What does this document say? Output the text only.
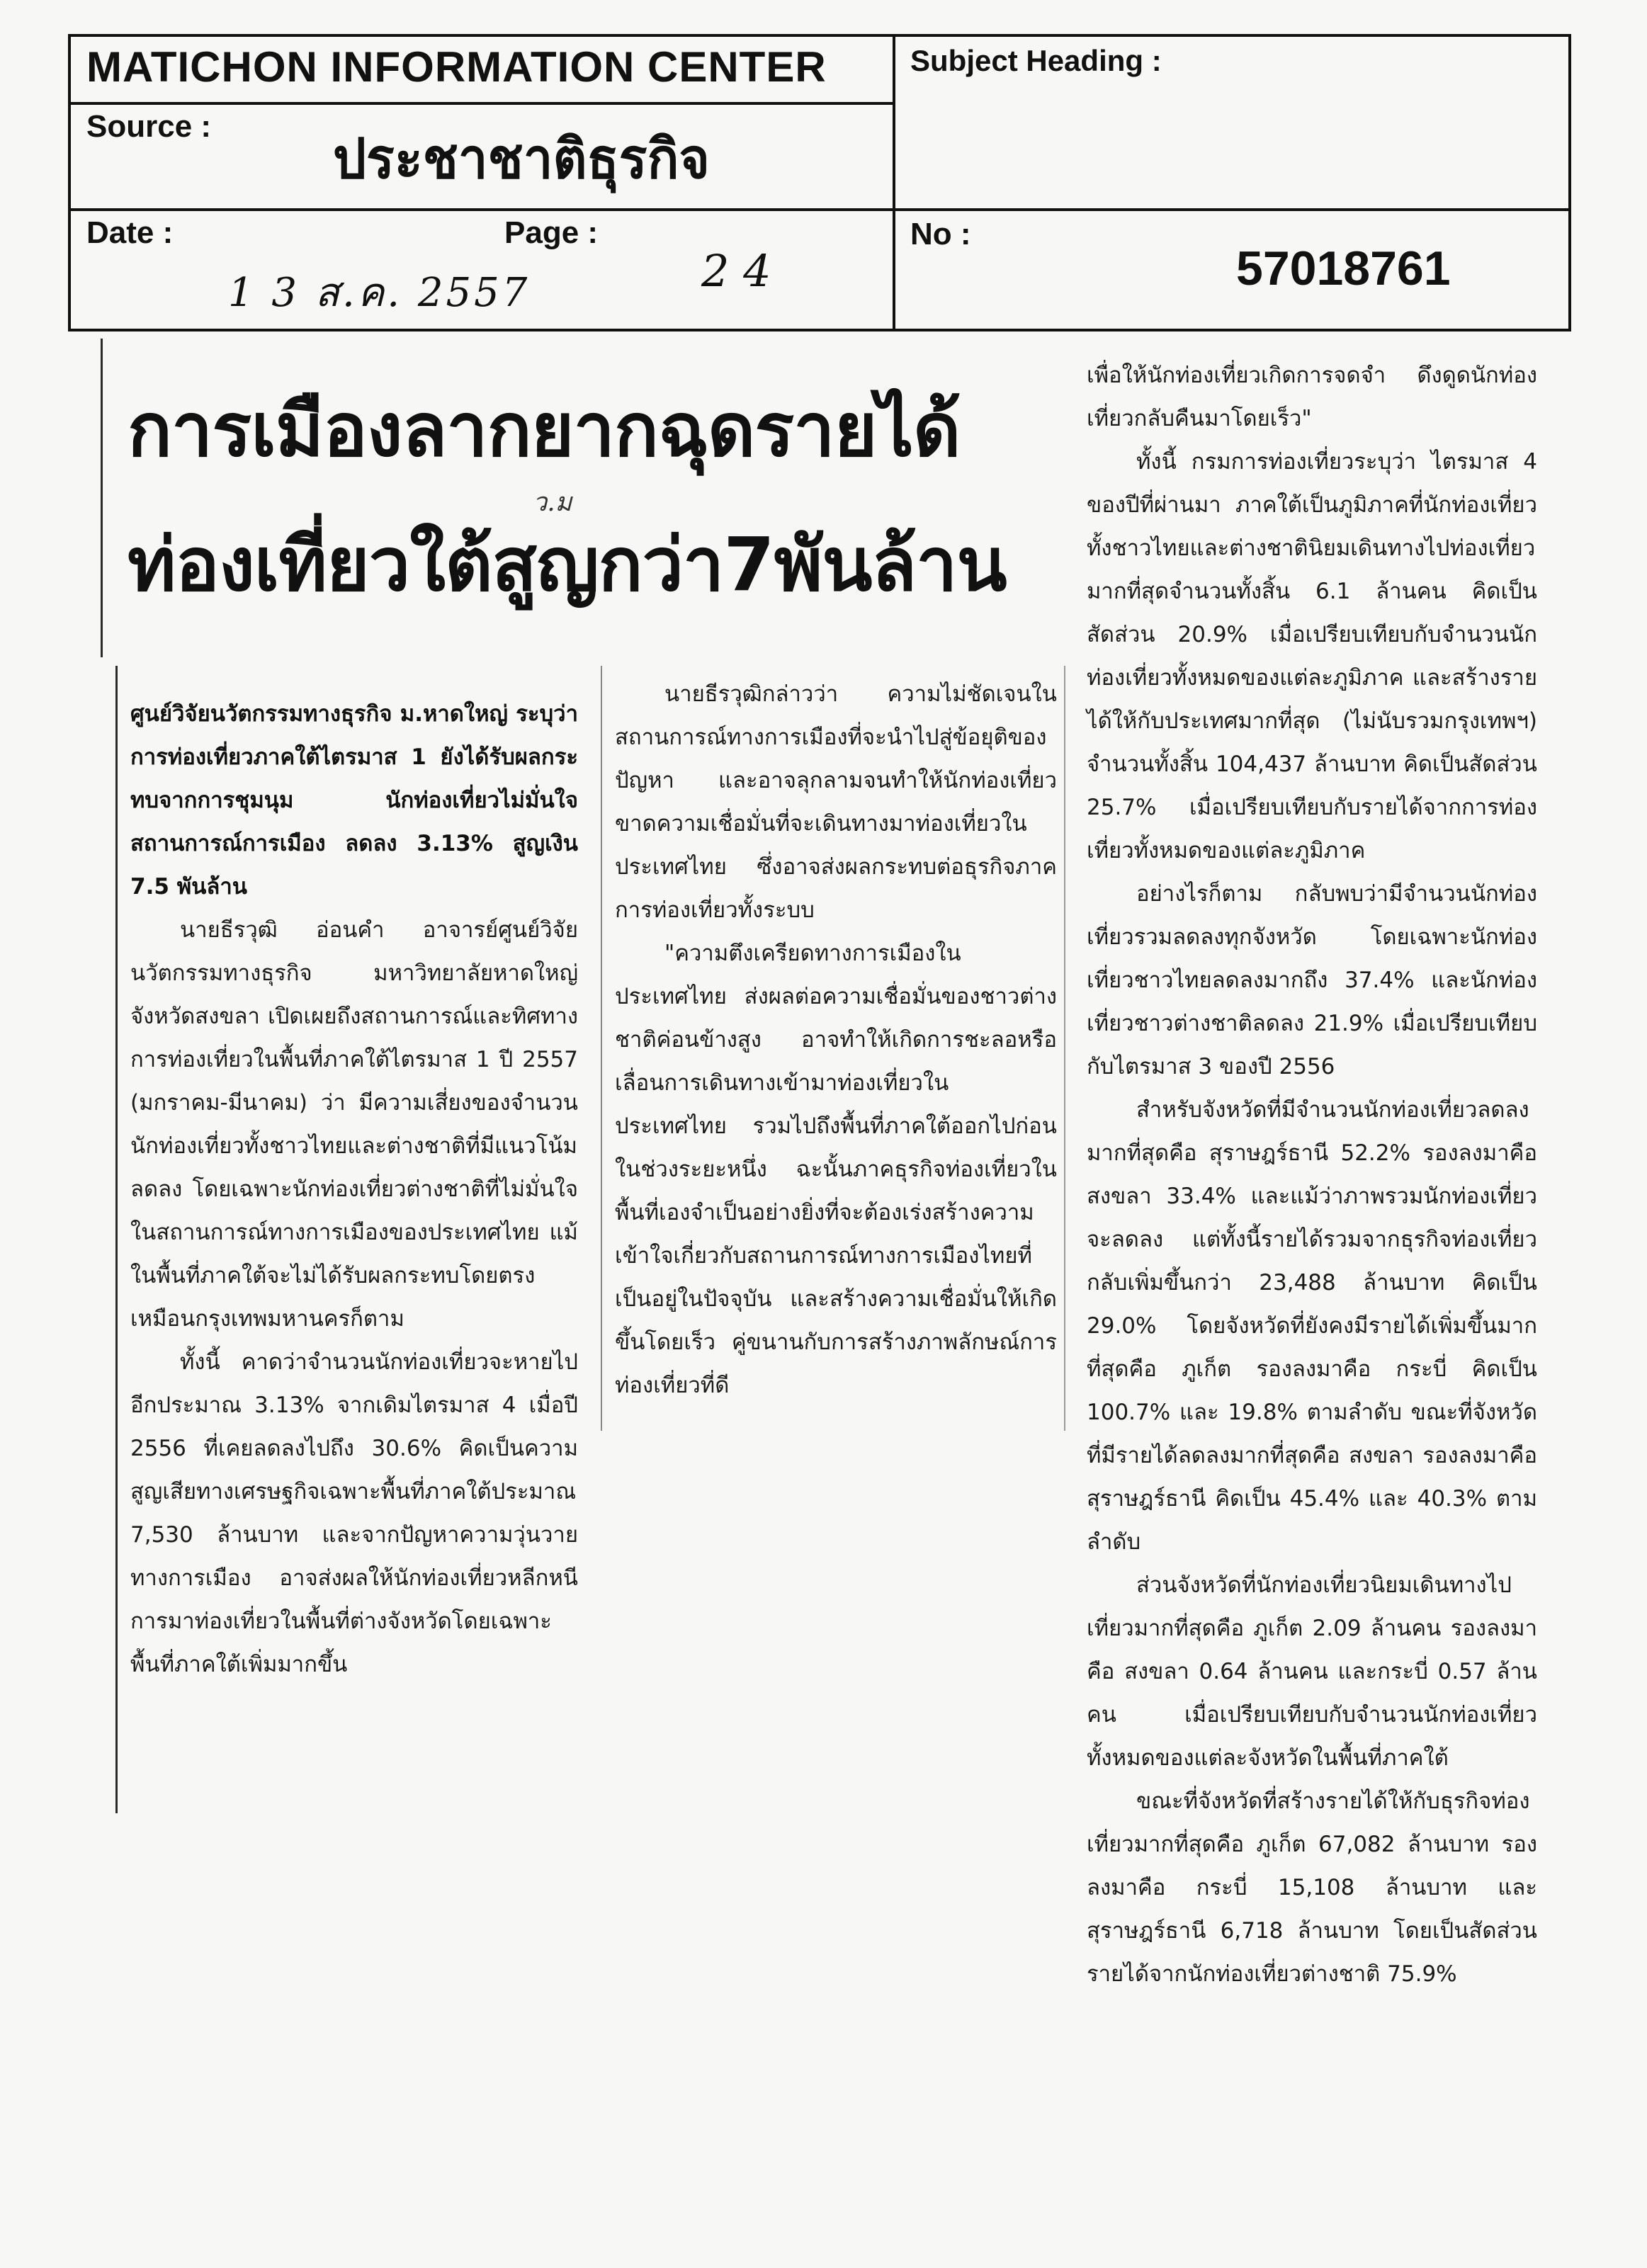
MATICHON INFORMATION CENTER	Subject Heading :
Source :
ประชาชาติธุรกิจ
Date :
1 3 ส.ค. 2557
Page :
2 4
No :
57018761
การเมืองลากยากฉุดรายได้
ท่องเที่ยวใต้สูญกว่า7พันล้าน
ว.ม

ศูนย์วิจัยนวัตกรรมทางธุรกิจ ม.หาดใหญ่ ระบุว่า การท่องเที่ยวภาคใต้ไตรมาส 1 ยังได้รับผลกระทบจากการชุมนุม นักท่องเที่ยวไม่มั่นใจสถานการณ์การเมือง ลดลง 3.13% สูญเงิน 7.5 พันล้าน

นายธีรวุฒิ อ่อนคำ อาจารย์ศูนย์วิจัยนวัตกรรมทางธุรกิจ มหาวิทยาลัยหาดใหญ่ จังหวัดสงขลา เปิดเผยถึงสถานการณ์และทิศทางการท่องเที่ยวในพื้นที่ภาคใต้ไตรมาส 1 ปี 2557 (มกราคม-มีนาคม) ว่า มีความเสี่ยงของจำนวนนักท่องเที่ยวทั้งชาวไทยและต่างชาติที่มีแนวโน้มลดลง โดยเฉพาะนักท่องเที่ยวต่างชาติที่ไม่มั่นใจในสถานการณ์ทางการเมืองของประเทศไทย แม้ในพื้นที่ภาคใต้จะไม่ได้รับผลกระทบโดยตรงเหมือนกรุงเทพมหานครก็ตาม

ทั้งนี้ คาดว่าจำนวนนักท่องเที่ยวจะหายไปอีกประมาณ 3.13% จากเดิมไตรมาส 4 เมื่อปี 2556 ที่เคยลดลงไปถึง 30.6% คิดเป็นความสูญเสียทางเศรษฐกิจเฉพาะพื้นที่ภาคใต้ประมาณ 7,530 ล้านบาท และจากปัญหาความวุ่นวายทางการเมือง อาจส่งผลให้นักท่องเที่ยวหลีกหนีการมาท่องเที่ยวในพื้นที่ต่างจังหวัดโดยเฉพาะพื้นที่ภาคใต้เพิ่มมากขึ้น

นายธีรวุฒิกล่าวว่า ความไม่ชัดเจนในสถานการณ์ทางการเมืองที่จะนำไปสู่ข้อยุติของปัญหา และอาจลุกลามจนทำให้นักท่องเที่ยวขาดความเชื่อมั่นที่จะเดินทางมาท่องเที่ยวในประเทศไทย ซึ่งอาจส่งผลกระทบต่อธุรกิจภาคการท่องเที่ยวทั้งระบบ

"ความตึงเครียดทางการเมืองในประเทศไทย ส่งผลต่อความเชื่อมั่นของชาวต่างชาติค่อนข้างสูง อาจทำให้เกิดการชะลอหรือเลื่อนการเดินทางเข้ามาท่องเที่ยวในประเทศไทย รวมไปถึงพื้นที่ภาคใต้ออกไปก่อนในช่วงระยะหนึ่ง ฉะนั้นภาคธุรกิจท่องเที่ยวในพื้นที่เองจำเป็นอย่างยิ่งที่จะต้องเร่งสร้างความเข้าใจเกี่ยวกับสถานการณ์ทางการเมืองไทยที่เป็นอยู่ในปัจจุบัน และสร้างความเชื่อมั่นให้เกิดขึ้นโดยเร็ว คู่ขนานกับการสร้างภาพลักษณ์การท่องเที่ยวที่ดี

เพื่อให้นักท่องเที่ยวเกิดการจดจำ ดึงดูดนักท่องเที่ยวกลับคืนมาโดยเร็ว"

ทั้งนี้ กรมการท่องเที่ยวระบุว่า ไตรมาส 4 ของปีที่ผ่านมา ภาคใต้เป็นภูมิภาคที่นักท่องเที่ยวทั้งชาวไทยและต่างชาตินิยมเดินทางไปท่องเที่ยวมากที่สุดจำนวนทั้งสิ้น 6.1 ล้านคน คิดเป็นสัดส่วน 20.9% เมื่อเปรียบเทียบกับจำนวนนักท่องเที่ยวทั้งหมดของแต่ละภูมิภาค และสร้างรายได้ให้กับประเทศมากที่สุด (ไม่นับรวมกรุงเทพฯ) จำนวนทั้งสิ้น 104,437 ล้านบาท คิดเป็นสัดส่วน 25.7% เมื่อเปรียบเทียบกับรายได้จากการท่องเที่ยวทั้งหมดของแต่ละภูมิภาค

อย่างไรก็ตาม กลับพบว่ามีจำนวนนักท่องเที่ยวรวมลดลงทุกจังหวัด โดยเฉพาะนักท่องเที่ยวชาวไทยลดลงมากถึง 37.4% และนักท่องเที่ยวชาวต่างชาติลดลง 21.9% เมื่อเปรียบเทียบกับไตรมาส 3 ของปี 2556

สำหรับจังหวัดที่มีจำนวนนักท่องเที่ยวลดลงมากที่สุดคือ สุราษฎร์ธานี 52.2% รองลงมาคือ สงขลา 33.4% และแม้ว่าภาพรวมนักท่องเที่ยวจะลดลง แต่ทั้งนี้รายได้รวมจากธุรกิจท่องเที่ยวกลับเพิ่มขึ้นกว่า 23,488 ล้านบาท คิดเป็น 29.0% โดยจังหวัดที่ยังคงมีรายได้เพิ่มขึ้นมากที่สุดคือ ภูเก็ต รองลงมาคือ กระบี่ คิดเป็น 100.7% และ 19.8% ตามลำดับ ขณะที่จังหวัดที่มีรายได้ลดลงมากที่สุดคือ สงขลา รองลงมาคือ สุราษฎร์ธานี คิดเป็น 45.4% และ 40.3% ตามลำดับ

ส่วนจังหวัดที่นักท่องเที่ยวนิยมเดินทางไปเที่ยวมากที่สุดคือ ภูเก็ต 2.09 ล้านคน รองลงมาคือ สงขลา 0.64 ล้านคน และกระบี่ 0.57 ล้านคน เมื่อเปรียบเทียบกับจำนวนนักท่องเที่ยวทั้งหมดของแต่ละจังหวัดในพื้นที่ภาคใต้

ขณะที่จังหวัดที่สร้างรายได้ให้กับธุรกิจท่องเที่ยวมากที่สุดคือ ภูเก็ต 67,082 ล้านบาท รองลงมาคือ กระบี่ 15,108 ล้านบาท และสุราษฎร์ธานี 6,718 ล้านบาท โดยเป็นสัดส่วนรายได้จากนักท่องเที่ยวต่างชาติ 75.9%
